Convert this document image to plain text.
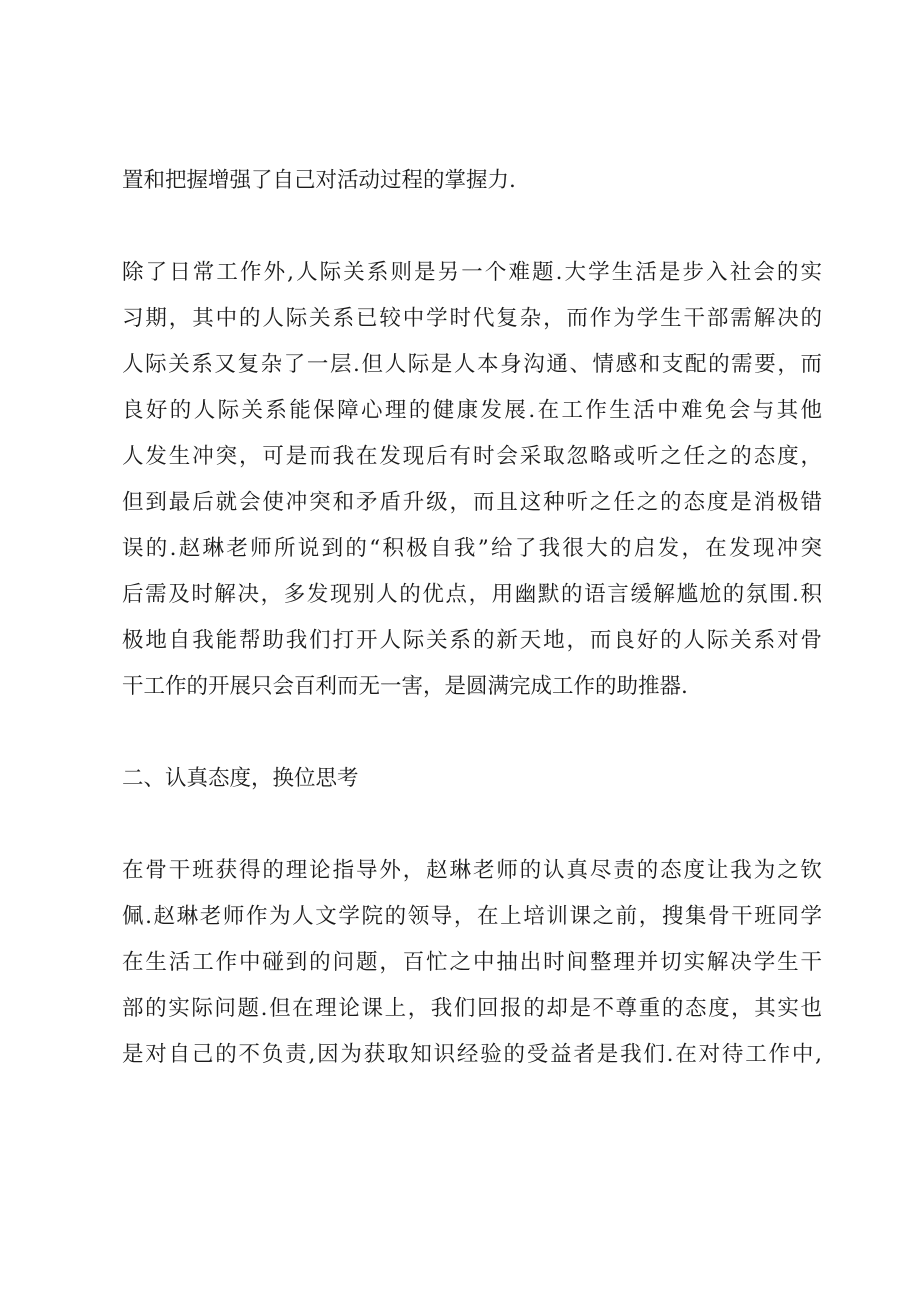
置和把握增强了自己对活动过程的掌握力.
除了日常工作外,人际关系则是另一个难题.大学生活是步入社会的实
习期，其中的人际关系已较中学时代复杂，而作为学生干部需解决的
人际关系又复杂了一层.但人际是人本身沟通、情感和支配的需要，而
良好的人际关系能保障心理的健康发展.在工作生活中难免会与其他
人发生冲突，可是而我在发现后有时会采取忽略或听之任之的态度，
但到最后就会使冲突和矛盾升级，而且这种听之任之的态度是消极错
误的.赵琳老师所说到的“积极自我”给了我很大的启发，在发现冲突
后需及时解决，多发现别人的优点，用幽默的语言缓解尴尬的氛围.积
极地自我能帮助我们打开人际关系的新天地，而良好的人际关系对骨
干工作的开展只会百利而无一害，是圆满完成工作的助推器.
二、认真态度，换位思考
在骨干班获得的理论指导外，赵琳老师的认真尽责的态度让我为之钦
佩.赵琳老师作为人文学院的领导，在上培训课之前，搜集骨干班同学
在生活工作中碰到的问题，百忙之中抽出时间整理并切实解决学生干
部的实际问题.但在理论课上，我们回报的却是不尊重的态度，其实也
是对自己的不负责,因为获取知识经验的受益者是我们.在对待工作中,
